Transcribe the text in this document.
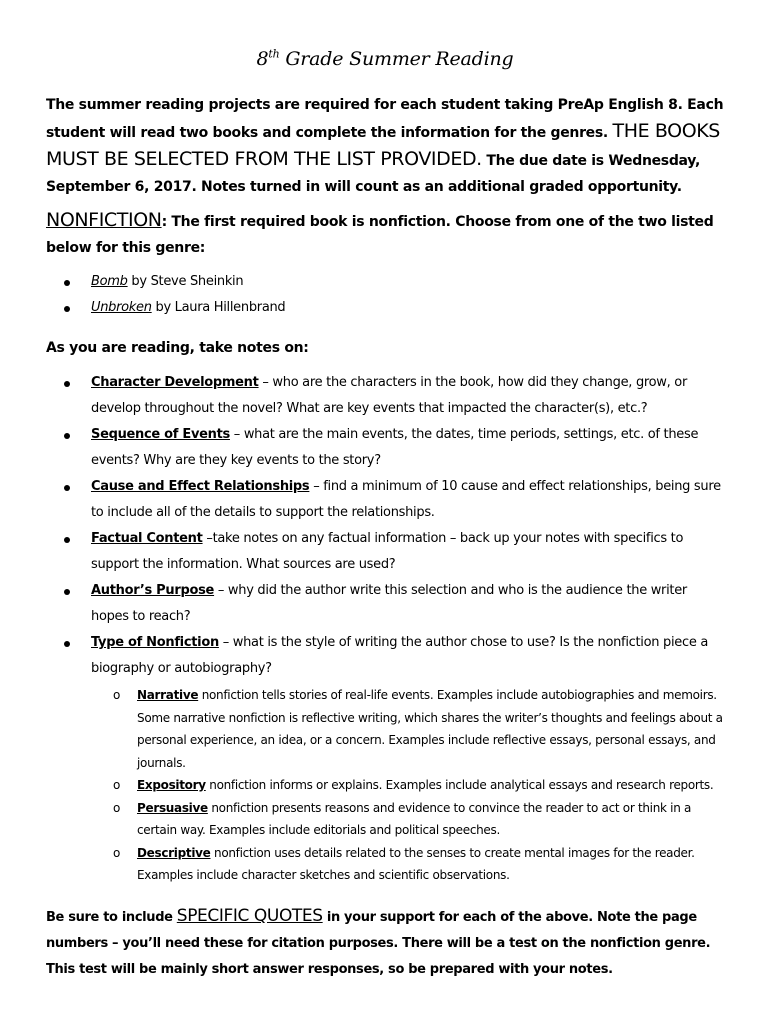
8th Grade Summer Reading
The summer reading projects are required for each student taking PreAp English 8. Each student will read two books and complete the information for the genres. THE BOOKS MUST BE SELECTED FROM THE LIST PROVIDED. The due date is Wednesday, September 6, 2017. Notes turned in will count as an additional graded opportunity.
NONFICTION: The first required book is nonfiction. Choose from one of the two listed below for this genre:
Bomb by Steve Sheinkin
Unbroken by Laura Hillenbrand
As you are reading, take notes on:
Character Development – who are the characters in the book, how did they change, grow, or develop throughout the novel? What are key events that impacted the character(s), etc.?
Sequence of Events – what are the main events, the dates, time periods, settings, etc. of these events? Why are they key events to the story?
Cause and Effect Relationships – find a minimum of 10 cause and effect relationships, being sure to include all of the details to support the relationships.
Factual Content –take notes on any factual information – back up your notes with specifics to support the information. What sources are used?
Author’s Purpose – why did the author write this selection and who is the audience the writer hopes to reach?
Type of Nonfiction – what is the style of writing the author chose to use? Is the nonfiction piece a biography or autobiography?
o Narrative nonfiction tells stories of real-life events. Examples include autobiographies and memoirs. Some narrative nonfiction is reflective writing, which shares the writer’s thoughts and feelings about a personal experience, an idea, or a concern. Examples include reflective essays, personal essays, and journals.
o Expository nonfiction informs or explains. Examples include analytical essays and research reports.
o Persuasive nonfiction presents reasons and evidence to convince the reader to act or think in a certain way. Examples include editorials and political speeches.
o Descriptive nonfiction uses details related to the senses to create mental images for the reader. Examples include character sketches and scientific observations.
Be sure to include SPECIFIC QUOTES in your support for each of the above. Note the page numbers – you’ll need these for citation purposes. There will be a test on the nonfiction genre. This test will be mainly short answer responses, so be prepared with your notes.
